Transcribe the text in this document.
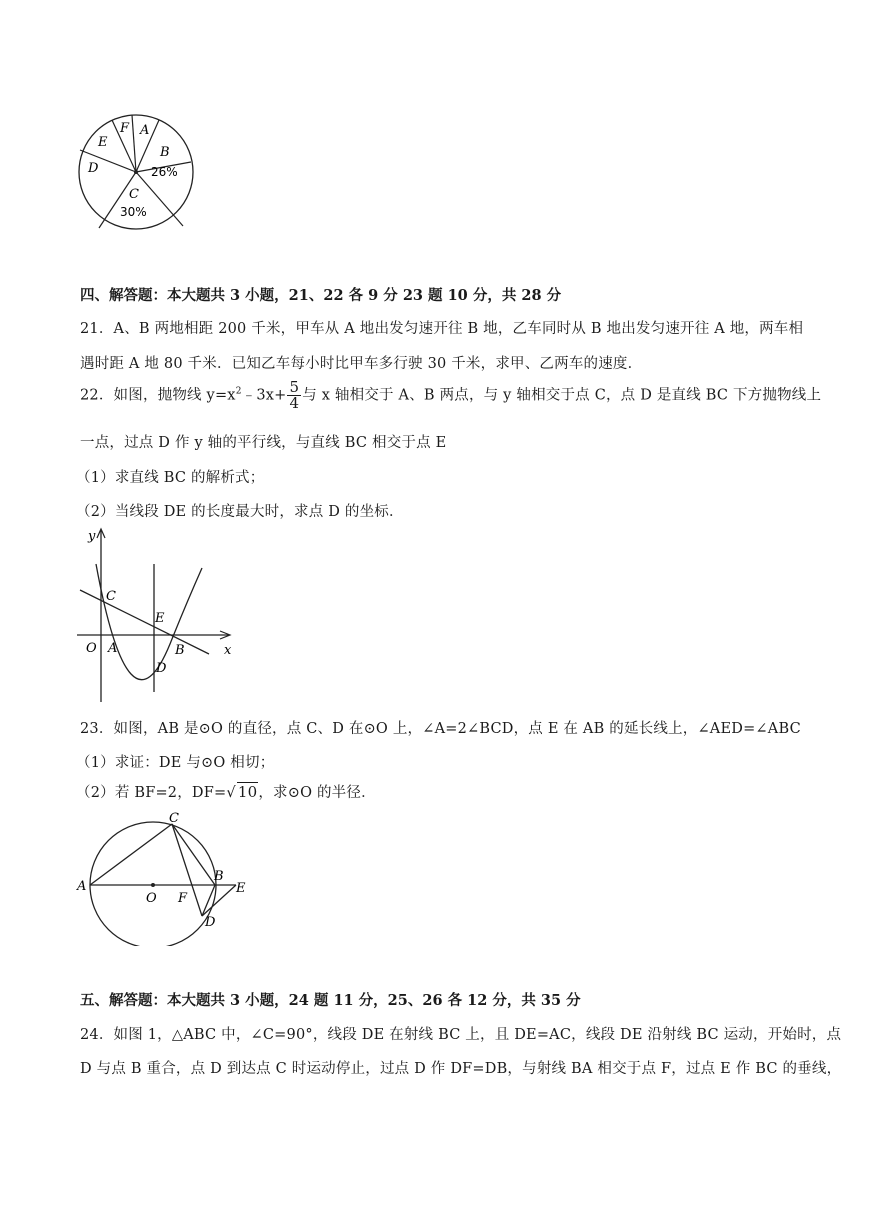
F A
E
D
B
26%
C
30%
四、解答题：本大题共 3 小题，21、22 各 9 分 23 题 10 分，共 28 分
21．A、B 两地相距 200 千米，甲车从 A 地出发匀速开往 B 地，乙车同时从 B 地出发匀速开往 A 地，两车相
遇时距 A 地 80 千米．已知乙车每小时比甲车多行驶 30 千米，求甲、乙两车的速度．
22．如图，抛物线 $y=x^2﹣3x+ \frac{5}{4}$ 与 x 轴相交于 A、B 两点，与 y 轴相交于点 C，点 D 是直线 BC 下方抛物线上
一点，过点 D 作 y 轴的平行线，与直线 BC 相交于点 E
（1）求直线 BC 的解析式；
（2）当线段 DE 的长度最大时，求点 D 的坐标．
y
x
O A
C
E
B
D
23．如图，AB 是⊙O 的直径，点 C、D 在⊙O 上，∠A=2∠BCD，点 E 在 AB 的延长线上，∠AED=∠ABC
（1）求证：DE 与⊙O 相切；
（2）若 BF=2，DF=√ 10，求⊙O 的半径．
A
C
B
E
O F
D
五、解答题：本大题共 3 小题，24 题 11 分，25、26 各 12 分，共 35 分
24．如图 1，△ABC 中，∠C=90°，线段 DE 在射线 BC 上，且 DE=AC，线段 DE 沿射线 BC 运动，开始时，点
D 与点 B 重合，点 D 到达点 C 时运动停止，过点 D 作 DF=DB，与射线 BA 相交于点 F，过点 E 作 BC 的垂线，
